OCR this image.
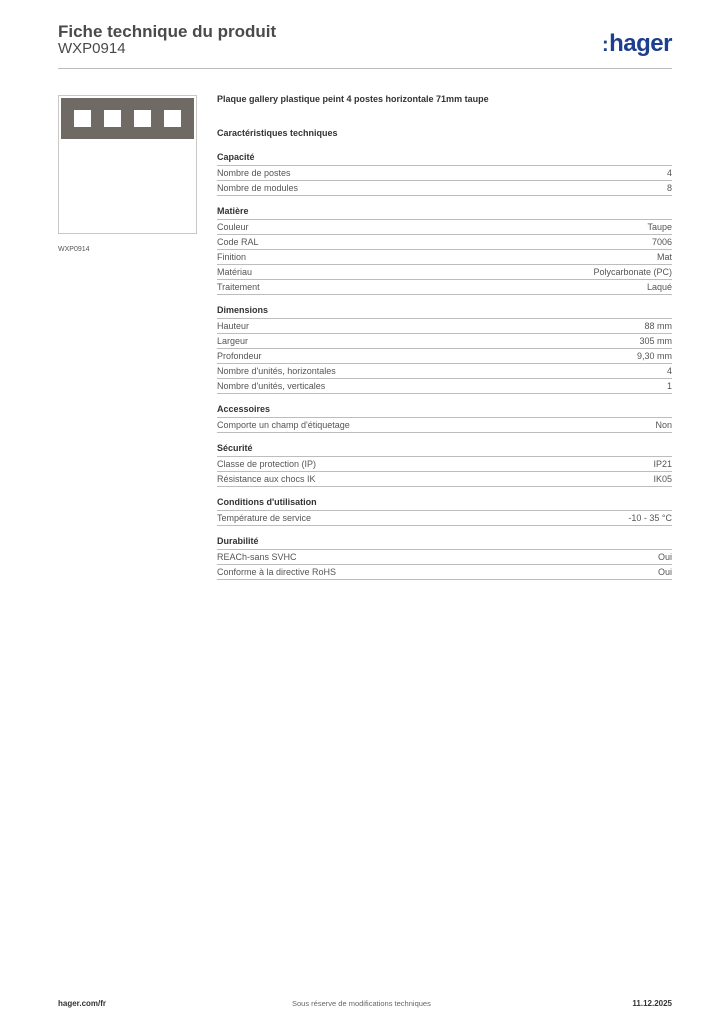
Fiche technique du produit
WXP0914	:hager
WXP0914
Plaque gallery plastique peint 4 postes horizontale 71mm taupe
Caractéristiques techniques
Capacité
Nombre de postes	4
Nombre de modules	8
Matière
Couleur	Taupe
Code RAL	7006
Finition	Mat
Matériau	Polycarbonate (PC)
Traitement	Laqué
Dimensions
Hauteur	88 mm
Largeur	305 mm
Profondeur	9,30 mm
Nombre d'unités, horizontales	4
Nombre d'unités, verticales	1
Accessoires
Comporte un champ d'étiquetage	Non
Sécurité
Classe de protection (IP)	IP21
Résistance aux chocs IK	IK05
Conditions d'utilisation
Température de service	-10 - 35 °C
Durabilité
REACh-sans SVHC	Oui
Conforme à la directive RoHS	Oui
hager.com/fr	Sous réserve de modifications techniques	11.12.2025
